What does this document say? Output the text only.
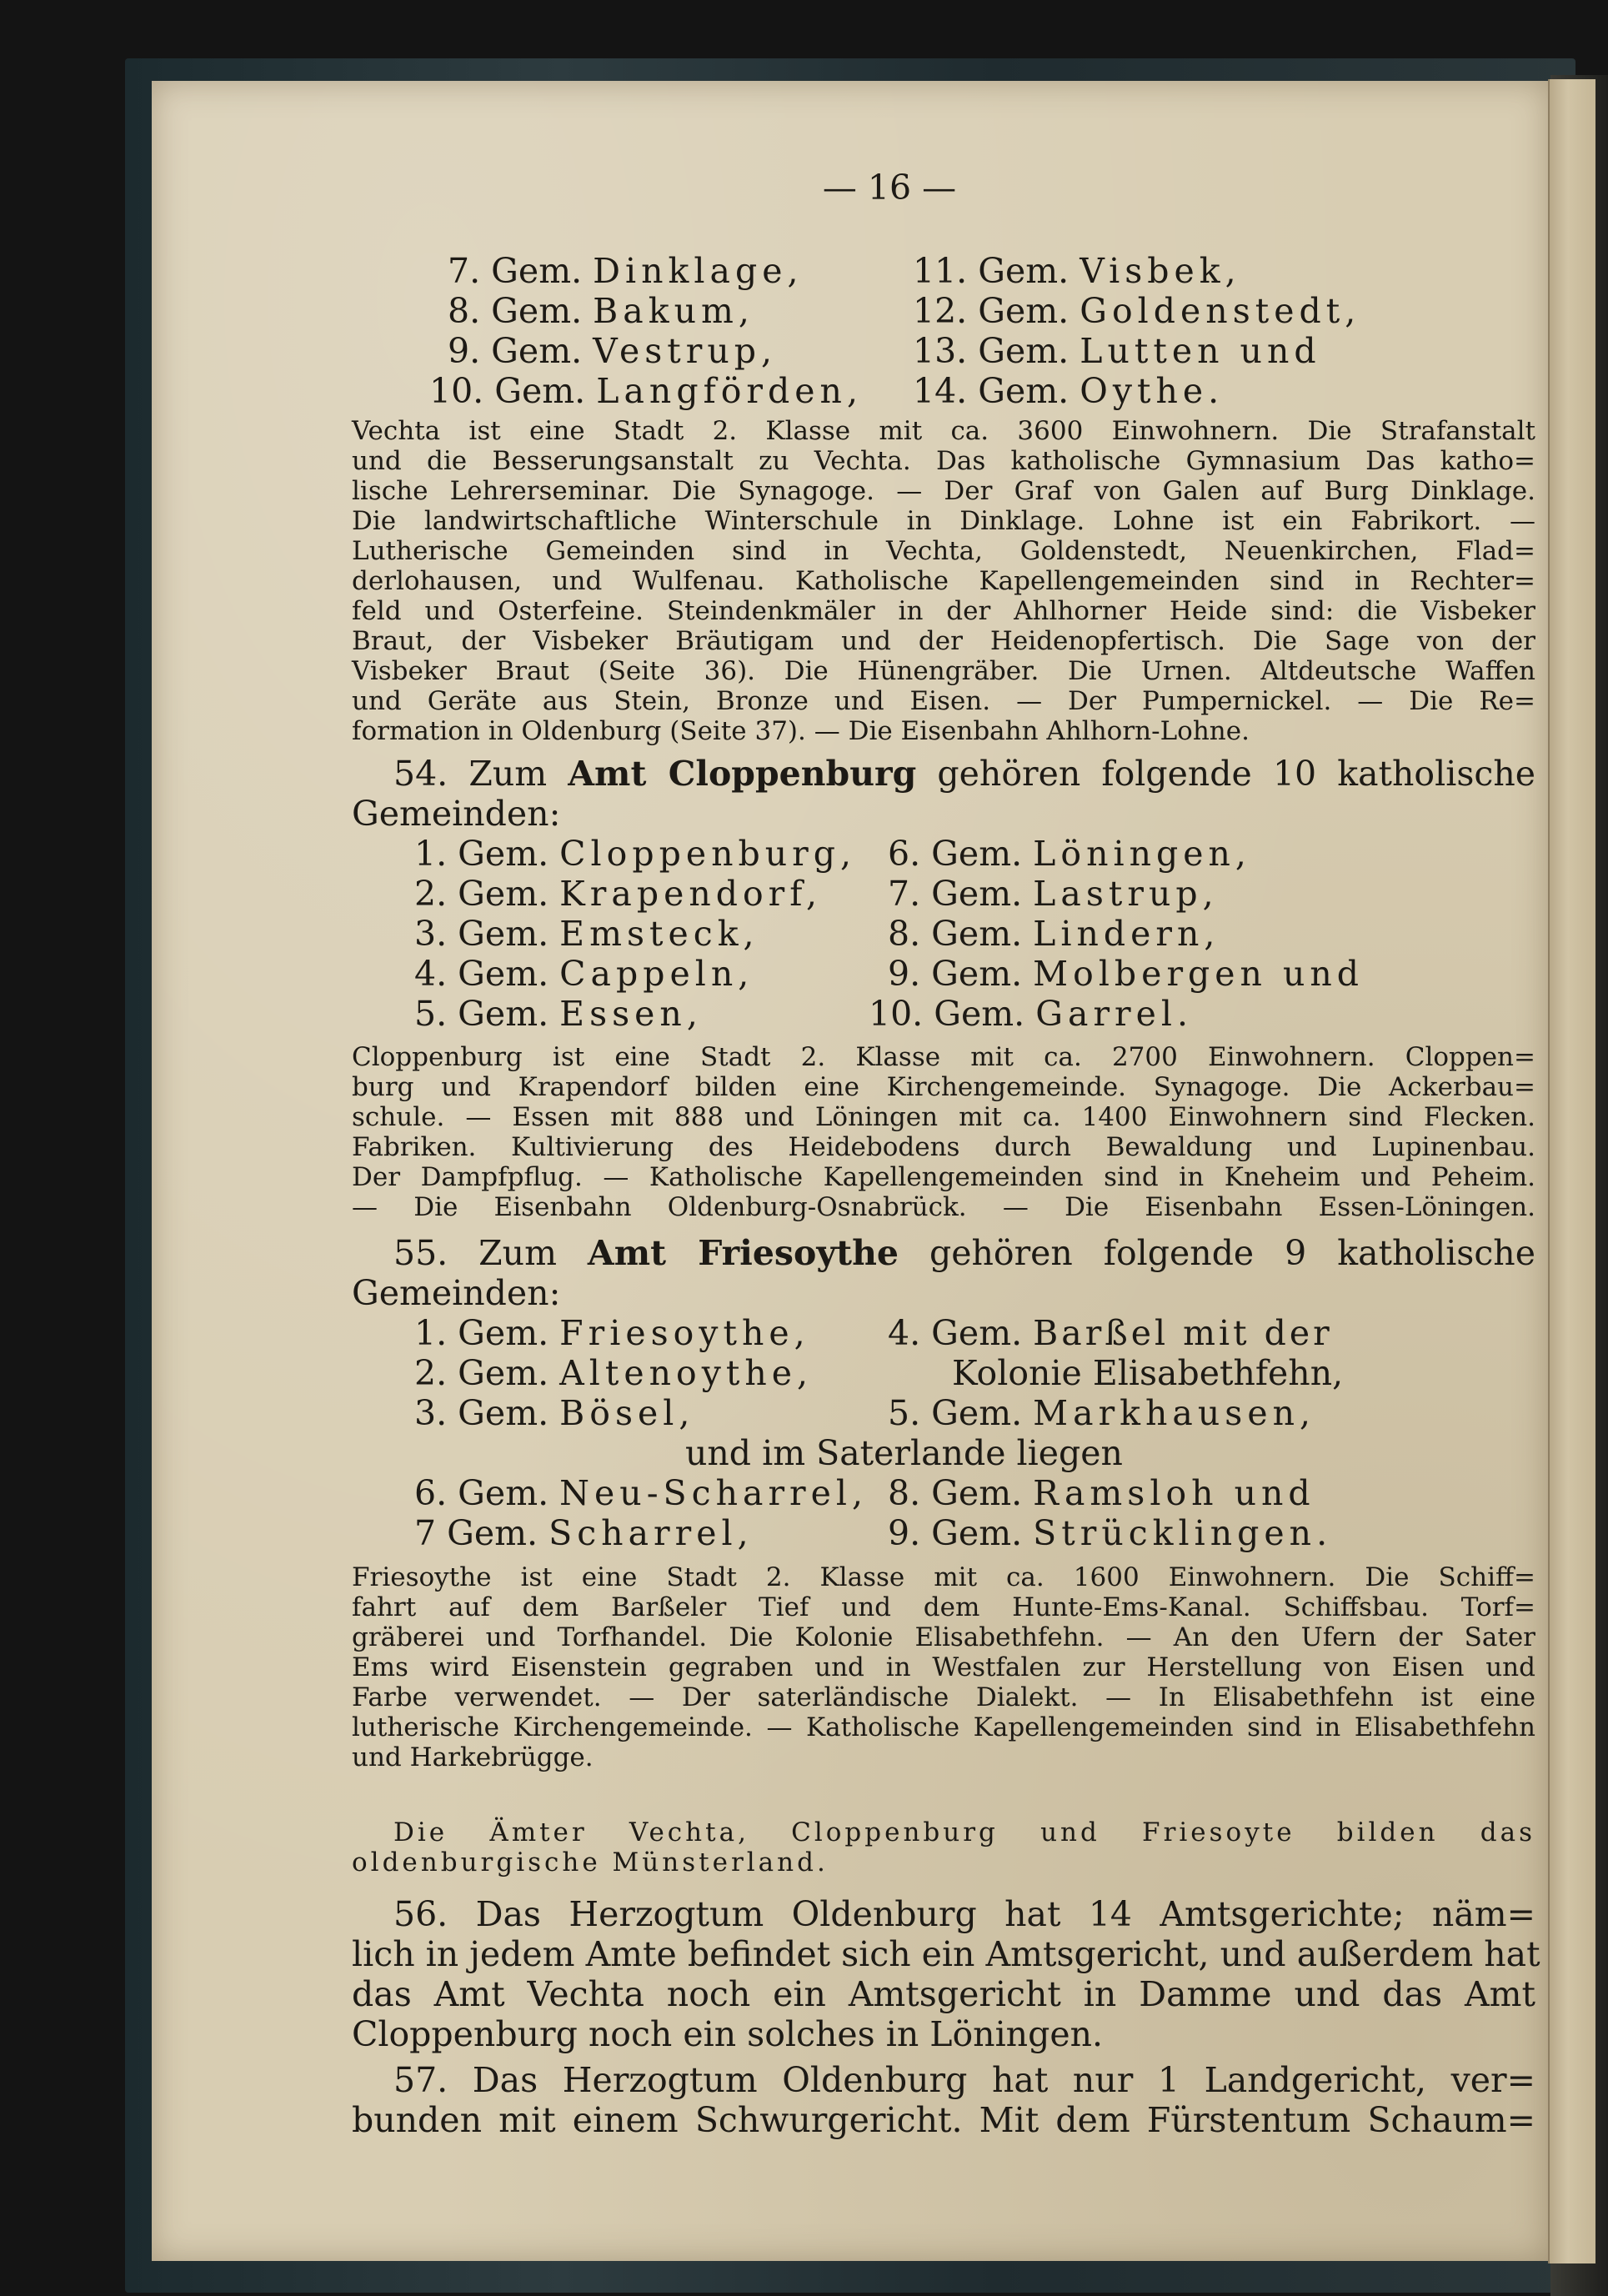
— 16 —
7. Gem. Dinklage,
8. Gem. Bakum,
9. Gem. Vestrup,
10. Gem. Langförden,
11. Gem. Visbek,
12. Gem. Goldenstedt,
13. Gem. Lutten und
14. Gem. Oythe.
Vechta ist eine Stadt 2. Klasse mit ca. 3600 Einwohnern. Die Strafanstalt
und die Besserungsanstalt zu Vechta. Das katholische Gymnasium Das katho=
lische Lehrerseminar. Die Synagoge. — Der Graf von Galen auf Burg Dinklage.
Die landwirtschaftliche Winterschule in Dinklage. Lohne ist ein Fabrikort. —
Lutherische Gemeinden sind in Vechta, Goldenstedt, Neuenkirchen, Flad=
derlohausen, und Wulfenau. Katholische Kapellengemeinden sind in Rechter=
feld und Osterfeine. Steindenkmäler in der Ahlhorner Heide sind: die Visbeker
Braut, der Visbeker Bräutigam und der Heidenopfertisch. Die Sage von der
Visbeker Braut (Seite 36). Die Hünengräber. Die Urnen. Altdeutsche Waffen
und Geräte aus Stein, Bronze und Eisen. — Der Pumpernickel. — Die Re=
formation in Oldenburg (Seite 37). — Die Eisenbahn Ahlhorn-Lohne.
54. Zum Amt Cloppenburg gehören folgende 10 katholische
Gemeinden:
1. Gem. Cloppenburg,
2. Gem. Krapendorf,
3. Gem. Emsteck,
4. Gem. Cappeln,
5. Gem. Essen,
6. Gem. Löningen,
7. Gem. Lastrup,
8. Gem. Lindern,
9. Gem. Molbergen und
10. Gem. Garrel.
Cloppenburg ist eine Stadt 2. Klasse mit ca. 2700 Einwohnern. Cloppen=
burg und Krapendorf bilden eine Kirchengemeinde. Synagoge. Die Ackerbau=
schule. — Essen mit 888 und Löningen mit ca. 1400 Einwohnern sind Flecken.
Fabriken. Kultivierung des Heidebodens durch Bewaldung und Lupinenbau.
Der Dampfpflug. — Katholische Kapellengemeinden sind in Kneheim und Peheim.
— Die Eisenbahn Oldenburg-Osnabrück. — Die Eisenbahn Essen-Löningen.
55. Zum Amt Friesoythe gehören folgende 9 katholische
Gemeinden:
1. Gem. Friesoythe, 4. Gem. Barßel mit der
2. Gem. Altenoythe,	Kolonie Elisabethfehn,
3. Gem. Bösel,	5. Gem. Markhausen,
und im Saterlande liegen
6. Gem. Neu-Scharrel, 8. Gem. Ramsloh und
7 Gem. Scharrel,	9. Gem. Strücklingen.
Friesoythe ist eine Stadt 2. Klasse mit ca. 1600 Einwohnern. Die Schiff=
fahrt auf dem Barßeler Tief und dem Hunte-Ems-Kanal. Schiffsbau. Torf=
gräberei und Torfhandel. Die Kolonie Elisabethfehn. — An den Ufern der Sater
Ems wird Eisenstein gegraben und in Westfalen zur Herstellung von Eisen und
Farbe verwendet. — Der saterländische Dialekt. — In Elisabethfehn ist eine
lutherische Kirchengemeinde. — Katholische Kapellengemeinden sind in Elisabethfehn
und Harkebrügge.
Die Ämter Vechta, Cloppenburg und Friesoyte bilden das
oldenburgische Münsterland.
56. Das Herzogtum Oldenburg hat 14 Amtsgerichte; näm=
lich in jedem Amte befindet sich ein Amtsgericht, und außerdem hat
das Amt Vechta noch ein Amtsgericht in Damme und das Amt
Cloppenburg noch ein solches in Löningen.
57. Das Herzogtum Oldenburg hat nur 1 Landgericht, ver=
bunden mit einem Schwurgericht. Mit dem Fürstentum Schaum=
